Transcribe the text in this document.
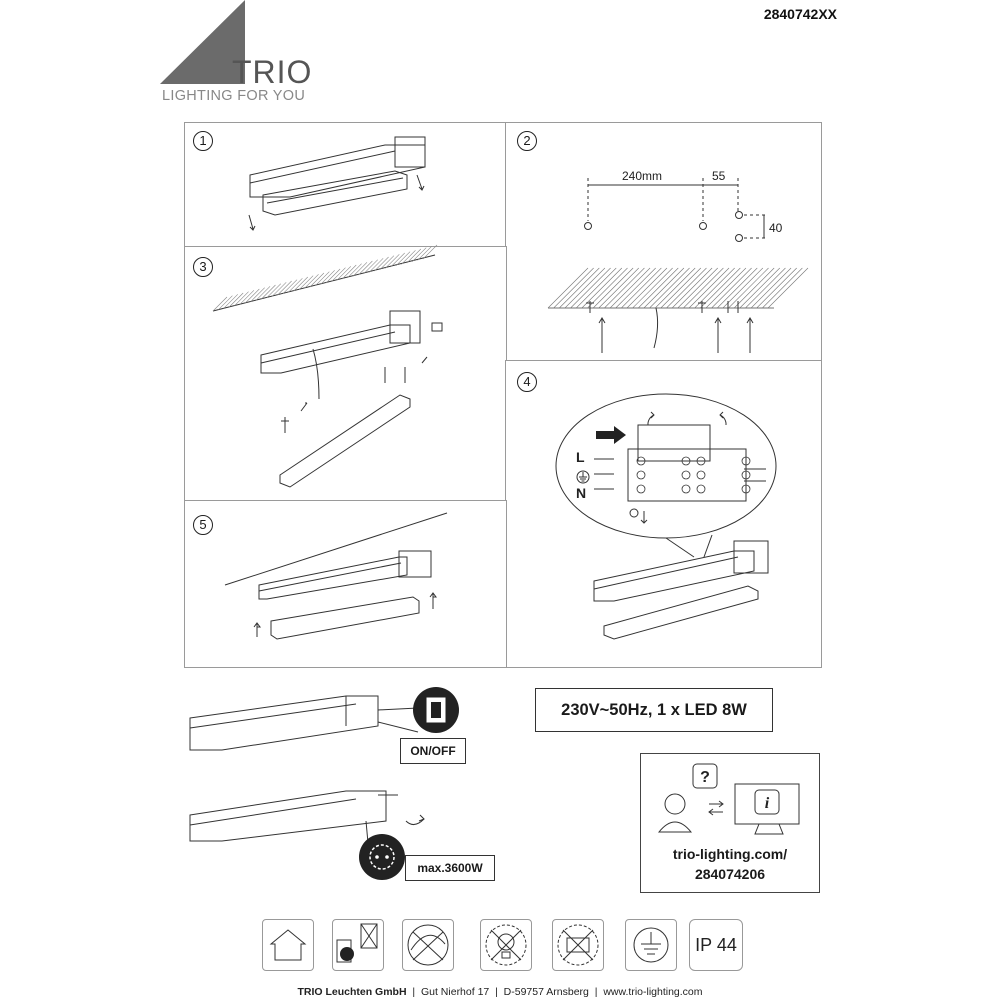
TRIO
LIGHTING FOR YOU
2840742XX
1	2
240mm	55
40
3
4
L
N
5
ON/OFF
max.3600W
230V~50Hz, 1 x LED 8W
?
i
trio-lighting.com/
284074206
IP 44
TRIO Leuchten GmbH  |  Gut Nierhof 17  |  D-59757 Arnsberg  |  www.trio-lighting.com
